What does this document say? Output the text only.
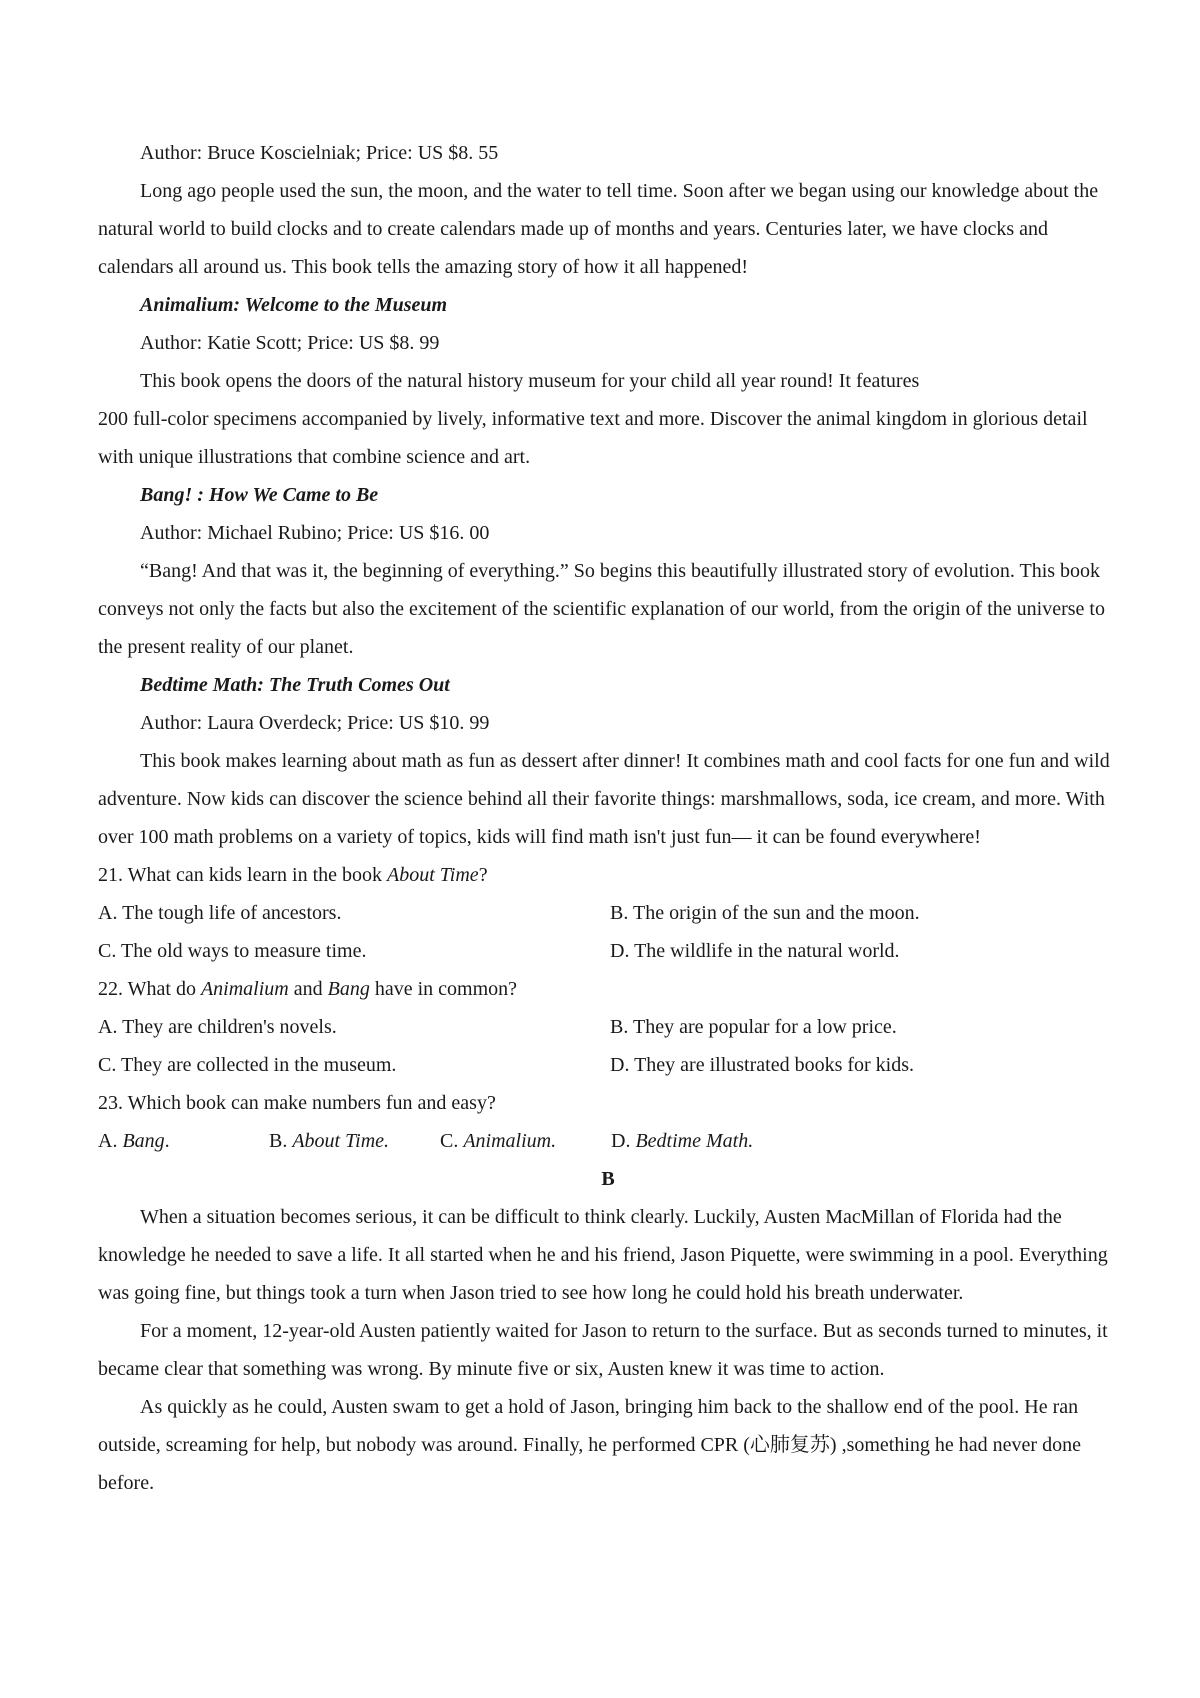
Author: Bruce Koscielniak; Price: US $8. 55

Long ago people used the sun, the moon, and the water to tell time. Soon after we began using our knowledge about the natural world to build clocks and to create calendars made up of months and years. Centuries later, we have clocks and calendars all around us. This book tells the amazing story of how it all happened!

Animalium: Welcome to the Museum

Author: Katie Scott; Price: US $8. 99

This book opens the doors of the natural history museum for your child all year round! It features

200 full-color specimens accompanied by lively, informative text and more. Discover the animal kingdom in glorious detail with unique illustrations that combine science and art.

Bang! : How We Came to Be

Author: Michael Rubino; Price: US $16. 00

“Bang! And that was it, the beginning of everything.” So begins this beautifully illustrated story of evolution. This book conveys not only the facts but also the excitement of the scientific explanation of our world, from the origin of the universe to the present reality of our planet.

Bedtime Math: The Truth Comes Out

Author: Laura Overdeck; Price: US $10. 99

This book makes learning about math as fun as dessert after dinner! It combines math and cool facts for one fun and wild adventure. Now kids can discover the science behind all their favorite things: marshmallows, soda, ice cream, and more. With over 100 math problems on a variety of topics, kids will find math isn't just fun— it can be found everywhere!

21. What can kids learn in the book About Time?

A. The tough life of ancestors.	B. The origin of the sun and the moon.
C. The old ways to measure time.	D. The wildlife in the natural world.

22. What do Animalium and Bang have in common?

A. They are children's novels.	B. They are popular for a low price.
C. They are collected in the museum.	D. They are illustrated books for kids.

23. Which book can make numbers fun and easy?

A. Bang.	B. About Time.	C. Animalium.	D. Bedtime Math.

B

When a situation becomes serious, it can be difficult to think clearly. Luckily, Austen MacMillan of Florida had the knowledge he needed to save a life. It all started when he and his friend, Jason Piquette, were swimming in a pool. Everything was going fine, but things took a turn when Jason tried to see how long he could hold his breath underwater.

For a moment, 12-year-old Austen patiently waited for Jason to return to the surface. But as seconds turned to minutes, it became clear that something was wrong. By minute five or six, Austen knew it was time to action.

As quickly as he could, Austen swam to get a hold of Jason, bringing him back to the shallow end of the pool. He ran outside, screaming for help, but nobody was around. Finally, he performed CPR (心肺复苏) ,something he had never done before.
